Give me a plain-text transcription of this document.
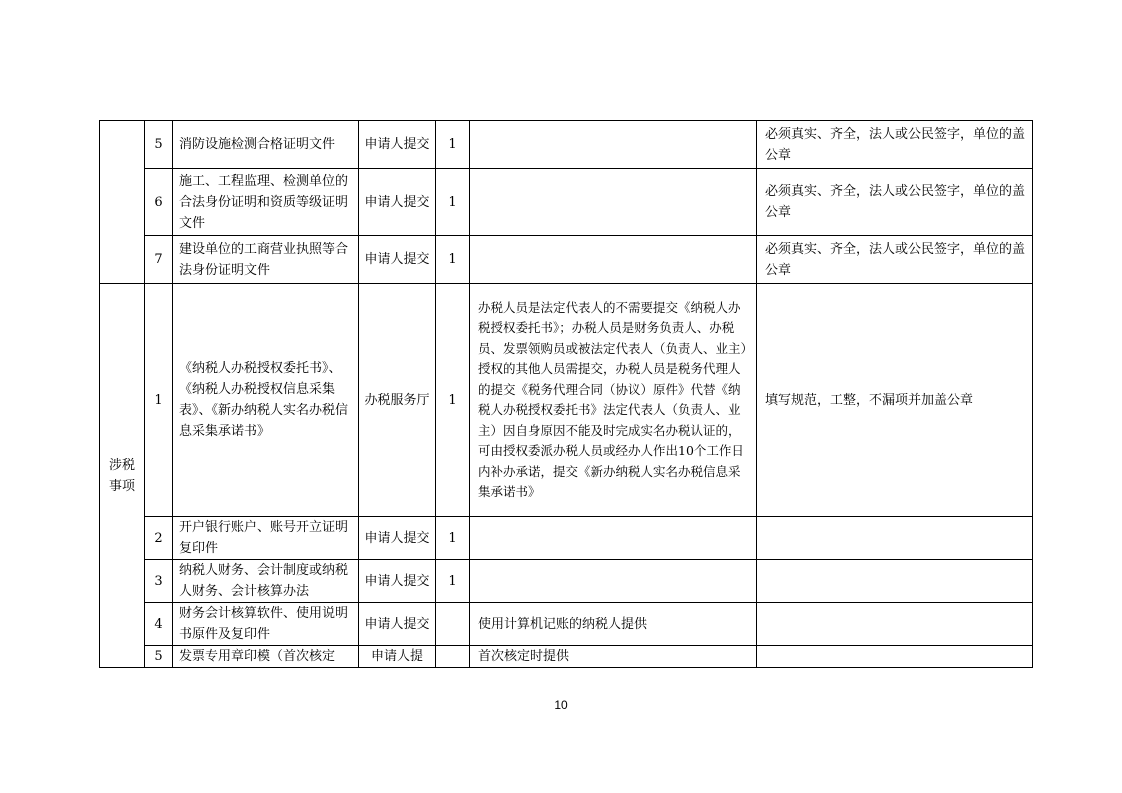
	5	消防设施检测合格证明文件	申请人提交	1		必须真实、齐全，法人或公民签字，单位的盖公章
	6	施工、工程监理、检测单位的合法身份证明和资质等级证明文件	申请人提交	1		必须真实、齐全，法人或公民签字，单位的盖公章
	7	建设单位的工商营业执照等合法身份证明文件	申请人提交	1		必须真实、齐全，法人或公民签字，单位的盖公章
涉税事项	1	《纳税人办税授权委托书》、《纳税人办税授权信息采集表》、《新办纳税人实名办税信息采集承诺书》	办税服务厅	1	办税人员是法定代表人的不需要提交《纳税人办税授权委托书》；办税人员是财务负责人、办税员、发票领购员或被法定代表人（负责人、业主）授权的其他人员需提交，办税人员是税务代理人的提交《税务代理合同（协议）原件》代替《纳税人办税授权委托书》法定代表人（负责人、业主）因自身原因不能及时完成实名办税认证的，可由授权委派办税人员或经办人作出10个工作日内补办承诺，提交《新办纳税人实名办税信息采集承诺书》	填写规范，工整，不漏项并加盖公章
	2	开户银行账户、账号开立证明复印件	申请人提交	1		
	3	纳税人财务、会计制度或纳税人财务、会计核算办法	申请人提交	1		
	4	财务会计核算软件、使用说明书原件及复印件	申请人提交		使用计算机记账的纳税人提供	
	5	发票专用章印模（首次核定	申请人提		首次核定时提供	
10
